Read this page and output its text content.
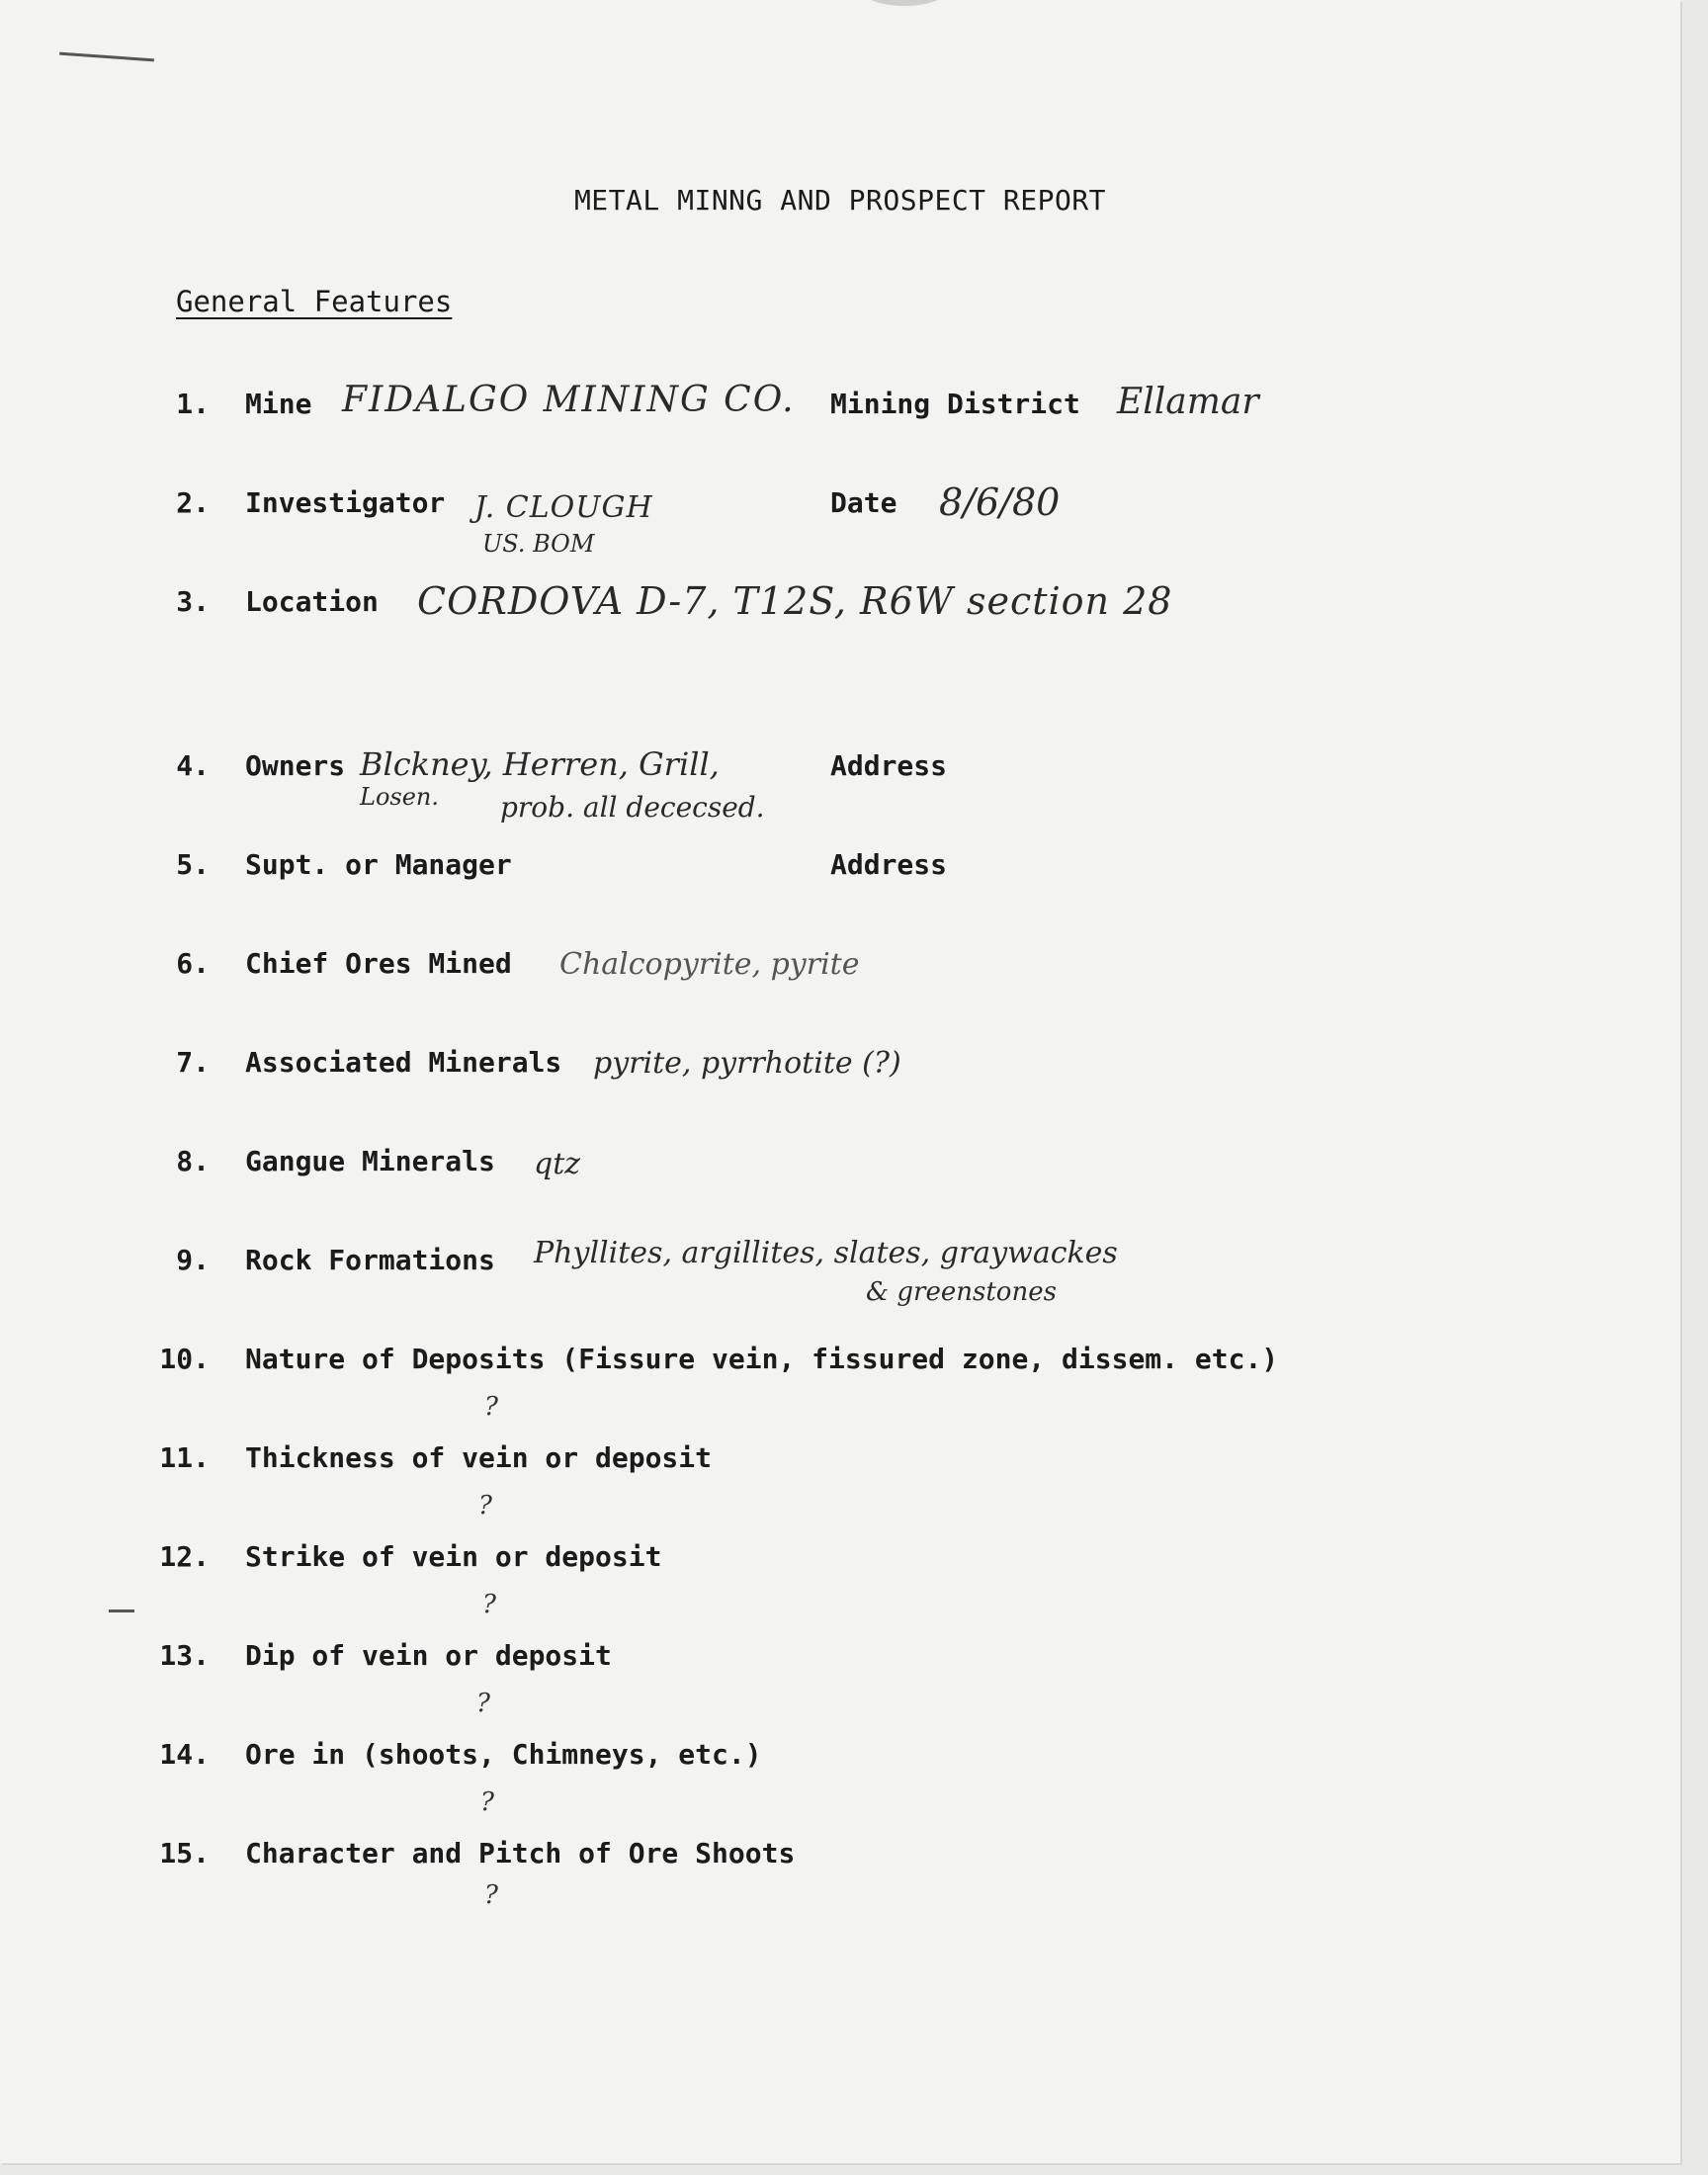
METAL MINNG AND PROSPECT REPORT
General Features
1. Mine FIDALGO MINING CO. Mining District Ellamar
2. Investigator J. CLOUGH
US. BOM
Date 8/6/80
3. Location CORDOVA D-7, T12S, R6W section 28
4. Owners Blckney, Herren, Grill,
Losen. prob. all dececsed.
Address
5. Supt. or Manager	Address
6. Chief Ores Mined Chalcopyrite, pyrite
7. Associated Minerals pyrite, pyrrhotite (?)
8. Gangue Minerals qtz
9. Rock Formations Phyllites, argillites, slates, graywackes
& greenstones
10. Nature of Deposits (Fissure vein, fissured zone, dissem. etc.)
?
11. Thickness of vein or deposit
?
12. Strike of vein or deposit
?
13. Dip of vein or deposit
?
14. Ore in (shoots, Chimneys, etc.)
?
15. Character and Pitch of Ore Shoots
?
